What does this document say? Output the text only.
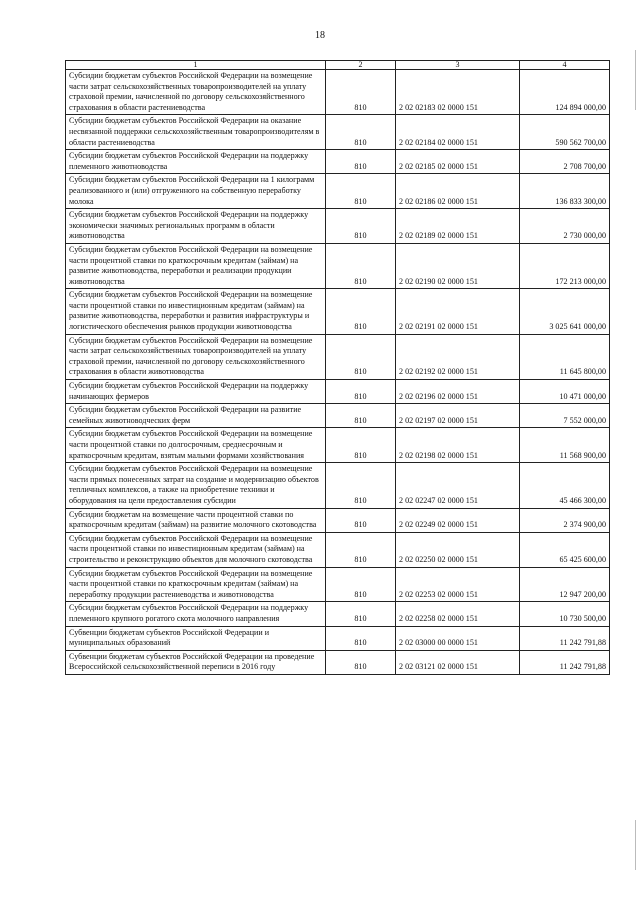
18
1	2	3	4
Субсидии бюджетам субъектов Российской Федерации на возмещение части затрат сельскохозяйственных товаропроизводителей на уплату страховой премии, начисленной по договору сельскохозяйственного страхования в области растениеводства	810	2 02 02183 02 0000 151	124 894 000,00
Субсидии бюджетам субъектов Российской Федерации на оказание несвязанной поддержки сельскохозяйственным товаропроизводителям в области растениеводства	810	2 02 02184 02 0000 151	590 562 700,00
Субсидии бюджетам субъектов Российской Федерации на поддержку племенного животноводства	810	2 02 02185 02 0000 151	2 708 700,00
Субсидии бюджетам субъектов Российской Федерации на 1 килограмм реализованного и (или) отгруженного на собственную переработку молока	810	2 02 02186 02 0000 151	136 833 300,00
Субсидии бюджетам субъектов Российской Федерации на поддержку экономически значимых региональных программ в области животноводства	810	2 02 02189 02 0000 151	2 730 000,00
Субсидии бюджетам субъектов Российской Федерации на возмещение части процентной ставки по краткосрочным кредитам (займам) на развитие животноводства, переработки и реализации продукции животноводства	810	2 02 02190 02 0000 151	172 213 000,00
Субсидии бюджетам субъектов Российской Федерации на возмещение части процентной ставки по инвестиционным кредитам (займам) на развитие животноводства, переработки и развития инфраструктуры и логистического обеспечения рынков продукции животноводства	810	2 02 02191 02 0000 151	3 025 641 000,00
Субсидии бюджетам субъектов Российской Федерации на возмещение части затрат сельскохозяйственных товаропроизводителей на уплату страховой премии, начисленной по договору сельскохозяйственного страхования в области животноводства	810	2 02 02192 02 0000 151	11 645 800,00
Субсидии бюджетам субъектов Российской Федерации на поддержку начинающих фермеров	810	2 02 02196 02 0000 151	10 471 000,00
Субсидии бюджетам субъектов Российской Федерации на развитие семейных животноводческих ферм	810	2 02 02197 02 0000 151	7 552 000,00
Субсидии бюджетам субъектов Российской Федерации на возмещение части процентной ставки по долгосрочным, среднесрочным и краткосрочным кредитам, взятым малыми формами хозяйствования	810	2 02 02198 02 0000 151	11 568 900,00
Субсидии бюджетам субъектов Российской Федерации на возмещение части прямых понесенных затрат на создание и модернизацию объектов тепличных комплексов, а также на приобретение техники и оборудования на цели предоставления субсидии	810	2 02 02247 02 0000 151	45 466 300,00
Субсидии бюджетам на возмещение части процентной ставки по краткосрочным кредитам (займам) на развитие молочного скотоводства	810	2 02 02249 02 0000 151	2 374 900,00
Субсидии бюджетам субъектов Российской Федерации на возмещение части процентной ставки по инвестиционным кредитам (займам) на строительство и реконструкцию объектов для молочного скотоводства	810	2 02 02250 02 0000 151	65 425 600,00
Субсидии бюджетам субъектов Российской Федерации на возмещение части процентной ставки по краткосрочным кредитам (займам) на переработку продукции растениеводства и животноводства	810	2 02 02253 02 0000 151	12 947 200,00
Субсидии бюджетам субъектов Российской Федерации на поддержку племенного крупного рогатого скота молочного направления	810	2 02 02258 02 0000 151	10 730 500,00
Субвенции бюджетам субъектов Российской Федерации и муниципальных образований	810	2 02 03000 00 0000 151	11 242 791,88
Субвенции бюджетам субъектов Российской Федерации на проведение Всероссийской сельскохозяйственной переписи в 2016 году	810	2 02 03121 02 0000 151	11 242 791,88
